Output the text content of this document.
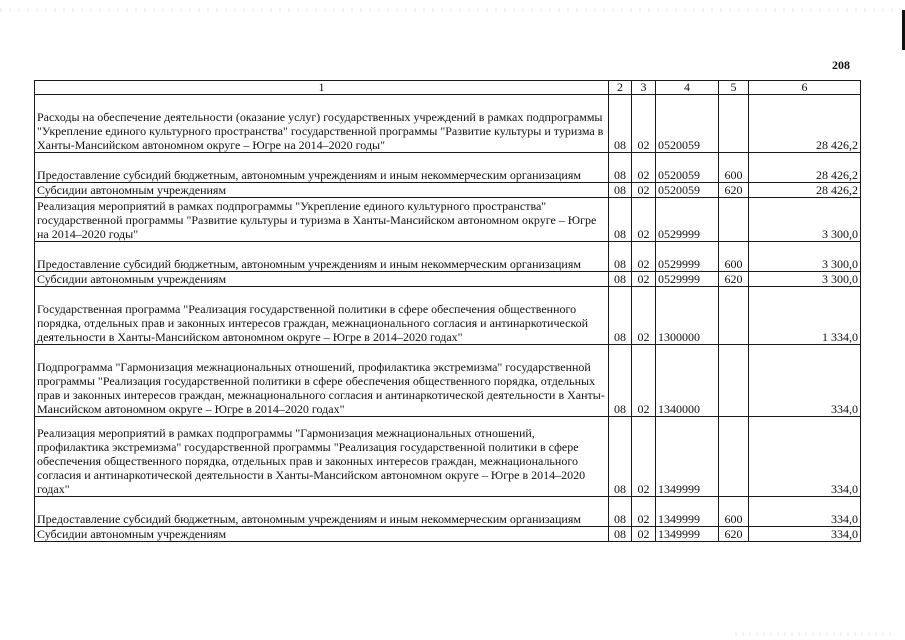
208
1	2	3	4	5	6
Расходы на обеспечение деятельности (оказание услуг) государственных учреждений в рамках подпрограммы "Укрепление единого культурного пространства" государственной программы "Развитие культуры и туризма в Ханты-Мансийском автономном округе – Югре на 2014–2020 годы"	08	02	0520059		28 426,2
Предоставление субсидий бюджетным, автономным учреждениям и иным некоммерческим организациям	08	02	0520059	600	28 426,2
Субсидии автономным учреждениям	08	02	0520059	620	28 426,2
Реализация мероприятий в рамках подпрограммы "Укрепление единого культурного пространства" государственной программы "Развитие культуры и туризма в Ханты-Мансийском автономном округе – Югре на 2014–2020 годы"	08	02	0529999		3 300,0
Предоставление субсидий бюджетным, автономным учреждениям и иным некоммерческим организациям	08	02	0529999	600	3 300,0
Субсидии автономным учреждениям	08	02	0529999	620	3 300,0
Государственная программа "Реализация государственной политики в сфере обеспечения общественного порядка, отдельных прав и законных интересов граждан, межнационального согласия и антинаркотической деятельности в Ханты-Мансийском автономном округе – Югре в 2014–2020 годах"	08	02	1300000		1 334,0
Подпрограмма "Гармонизация межнациональных отношений, профилактика экстремизма" государственной программы "Реализация государственной политики в сфере обеспечения общественного порядка, отдельных прав и законных интересов граждан, межнационального согласия и антинаркотической деятельности в Ханты-Мансийском автономном округе – Югре в 2014–2020 годах"	08	02	1340000		334,0
Реализация мероприятий в рамках подпрограммы "Гармонизация межнациональных отношений, профилактика экстремизма" государственной программы "Реализация государственной политики в сфере обеспечения общественного порядка, отдельных прав и законных интересов граждан, межнационального согласия и антинаркотической деятельности в Ханты-Мансийском автономном округе – Югре в 2014–2020 годах"	08	02	1349999		334,0
Предоставление субсидий бюджетным, автономным учреждениям и иным некоммерческим организациям	08	02	1349999	600	334,0
Субсидии автономным учреждениям	08	02	1349999	620	334,0
